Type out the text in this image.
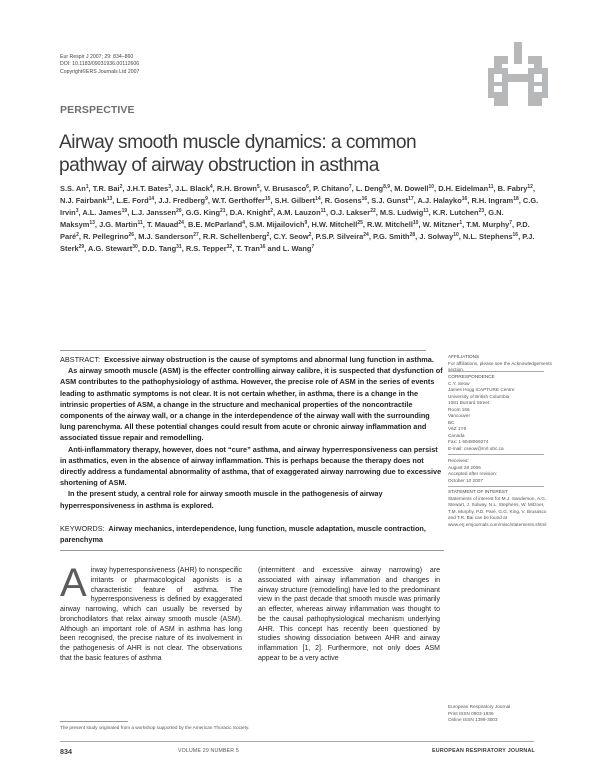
Eur Respir J 2007; 29: 834–860
DOI: 10.1183/09031936.00112606
Copyright©ERS Journals Ltd 2007
PERSPECTIVE
Airway smooth muscle dynamics: a common pathway of airway obstruction in asthma
S.S. An$^1$, T.R. Bai$^2$, J.H.T. Bates$^3$, J.L. Black$^4$, R.H. Brown$^5$, V. Brusasco$^6$, P. Chitano$^7$, L. Deng$^{8,9}$, M. Dowell$^{10}$, D.H. Eidelman$^{11}$, B. Fabry$^{12}$, N.J. Fairbank$^{13}$, L.E. Ford$^{14}$, J.J. Fredberg$^9$, W.T. Gerthoffer$^{15}$, S.H. Gilbert$^{14}$, R. Gosens$^{16}$, S.J. Gunst$^{17}$, A.J. Halayko$^{16}$, R.H. Ingram$^{18}$, C.G. Irvin$^3$, A.L. James$^{19}$, L.J. Janssen$^{20}$, G.G. King$^{21}$, D.A. Knight$^2$, A.M. Lauzon$^{11}$, O.J. Lakser$^{22}$, M.S. Ludwig$^{11}$, K.R. Lutchen$^{23}$, G.N. Maksym$^{13}$, J.G. Martin$^{11}$, T. Mauad$^{24}$, B.E. McParland$^4$, S.M. Mijailovich$^9$, H.W. Mitchell$^{25}$, R.W. Mitchell$^{10}$, W. Mitzner$^1$, T.M. Murphy$^7$, P.D. Paré$^2$, R. Pellegrino$^{26}$, M.J. Sanderson$^{27}$, R.R. Schellenberg$^2$, C.Y. Seow$^2$, P.S.P. Silveira$^{24}$, P.G. Smith$^{28}$, J. Solway$^{10}$, N.L. Stephens$^{16}$, P.J. Sterk$^{29}$, A.G. Stewart$^{30}$, D.D. Tang$^{31}$, R.S. Tepper$^{32}$, T. Tran$^{16}$ and L. Wang$^7$

ABSTRACT: Excessive airway obstruction is the cause of symptoms and abnormal lung function in asthma.

As airway smooth muscle (ASM) is the effecter controlling airway calibre, it is suspected that dysfunction of ASM contributes to the pathophysiology of asthma. However, the precise role of ASM in the series of events leading to asthmatic symptoms is not clear. It is not certain whether, in asthma, there is a change in the intrinsic properties of ASM, a change in the structure and mechanical properties of the noncontractile components of the airway wall, or a change in the interdependence of the airway wall with the surrounding lung parenchyma. All these potential changes could result from acute or chronic airway inflammation and associated tissue repair and remodelling.

Anti-inflammatory therapy, however, does not “cure” asthma, and airway hyperresponsiveness can persist in asthmatics, even in the absence of airway inflammation. This is perhaps because the therapy does not directly address a fundamental abnormality of asthma, that of exaggerated airway narrowing due to excessive shortening of ASM.

In the present study, a central role for airway smooth muscle in the pathogenesis of airway hyperresponsiveness in asthma is explored.

KEYWORDS: Airway mechanics, interdependence, lung function, muscle adaptation, muscle contraction, parenchyma
AFFILIATIONS
For affiliations, please see the Acknowledgements section.
CORRESPONDENCE
C.Y. Seow
James Hogg iCAPTURE Centre
University of British Columbia
1081 Burrard Street
Room 166
Vancouver
BC
V6Z 1Y6
Canada
Fax: 1 6048069274
E-mail: cseow@mrl.ubc.ca
Received:
August 28 2006
Accepted after revision:
October 10 2007
STATEMENT OF INTEREST
Statements of interest for M.J. Sanderson, A.G. Stewart, J. Solway, N.L. Stephens, W. Mitzner, T.M. Murphy, P.D. Paré, G.G. King, V. Brusasco and T.R. Bai can be found at www.erj.ersjournals.com/misc/statements.shtml
European Respiratory Journal
Print ISSN 0903-1936
Online ISSN 1399-3003
Airway hyperresponsiveness (AHR) to nonspecific irritants or pharmacological agonists is a characteristic feature of asthma. The hyperresponsiveness is defined by exaggerated airway narrowing, which can usually be reversed by bronchodilators that relax airway smooth muscle (ASM). Although an important role of ASM in asthma has long been recognised, the precise nature of its involvement in the pathogenesis of AHR is not clear. The observations that the basic features of asthma
(intermittent and excessive airway narrowing) are associated with airway inflammation and changes in airway structure (remodelling) have led to the predominant view in the past decade that smooth muscle was primarily an effecter, whereas airway inflammation was thought to be the causal pathophysiological mechanism underlying AHR. This concept has recently been questioned by studies showing dissociation between AHR and airway inflammation [1, 2]. Furthermore, not only does ASM appear to be a very active
The present study originated from a workshop supported by the American Thoracic Society.
834	VOLUME 29 NUMBER 5	EUROPEAN RESPIRATORY JOURNAL
